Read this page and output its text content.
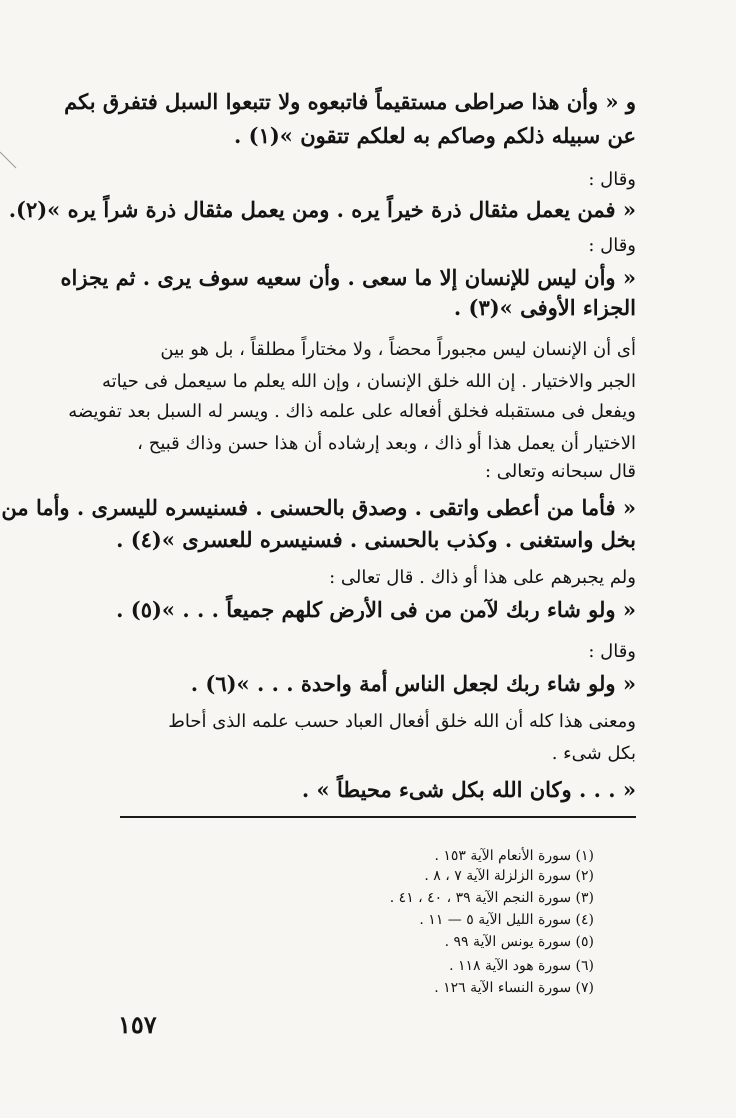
و « وأن هذا صراطى مستقيماً فاتبعوه ولا تتبعوا السبل فتفرق بكم
عن سبيله ذلكم وصاكم به لعلكم تتقون »(١) .
وقال :
« فمن يعمل مثقال ذرة خيراً يره . ومن يعمل مثقال ذرة شراً يره »(٢).
وقال :
« وأن ليس للإنسان إلا ما سعى . وأن سعيه سوف يرى . ثم يجزاه
الجزاء الأوفى »(٣) .
أى أن الإنسان ليس مجبوراً محضاً ، ولا مختاراً مطلقاً ، بل هو بين
الجبر والاختيار . إن الله خلق الإنسان ، وإن الله يعلم ما سيعمل فى حياته
ويفعل فى مستقبله فخلق أفعاله على علمه ذاك . ويسر له السبل بعد تفويضه
الاختيار أن يعمل هذا أو ذاك ، وبعد إرشاده أن هذا حسن وذاك قبيح ،
قال سبحانه وتعالى :
« فأما من أعطى واتقى . وصدق بالحسنى . فسنيسره لليسرى . وأما من
بخل واستغنى . وكذب بالحسنى . فسنيسره للعسرى »(٤) .
ولم يجبرهم على هذا أو ذاك . قال تعالى :
« ولو شاء ربك لآمن من فى الأرض كلهم جميعاً . . . »(٥) .
وقال :
« ولو شاء ربك لجعل الناس أمة واحدة . . . »(٦) .
ومعنى هذا كله أن الله خلق أفعال العباد حسب علمه الذى أحاط
بكل شىء .
« . . . وكان الله بكل شىء محيطاً » .
(١) سورة الأنعام الآية ١٥٣ .
(٢) سورة الزلزلة الآية ٧ ، ٨ .
(٣) سورة النجم الآية ٣٩ ، ٤٠ ، ٤١ .
(٤) سورة الليل الآية ٥ — ١١ .
(٥) سورة يونس الآية ٩٩ .
(٦) سورة هود الآية ١١٨ .
(٧) سورة النساء الآية ١٢٦ .
١٥٧
